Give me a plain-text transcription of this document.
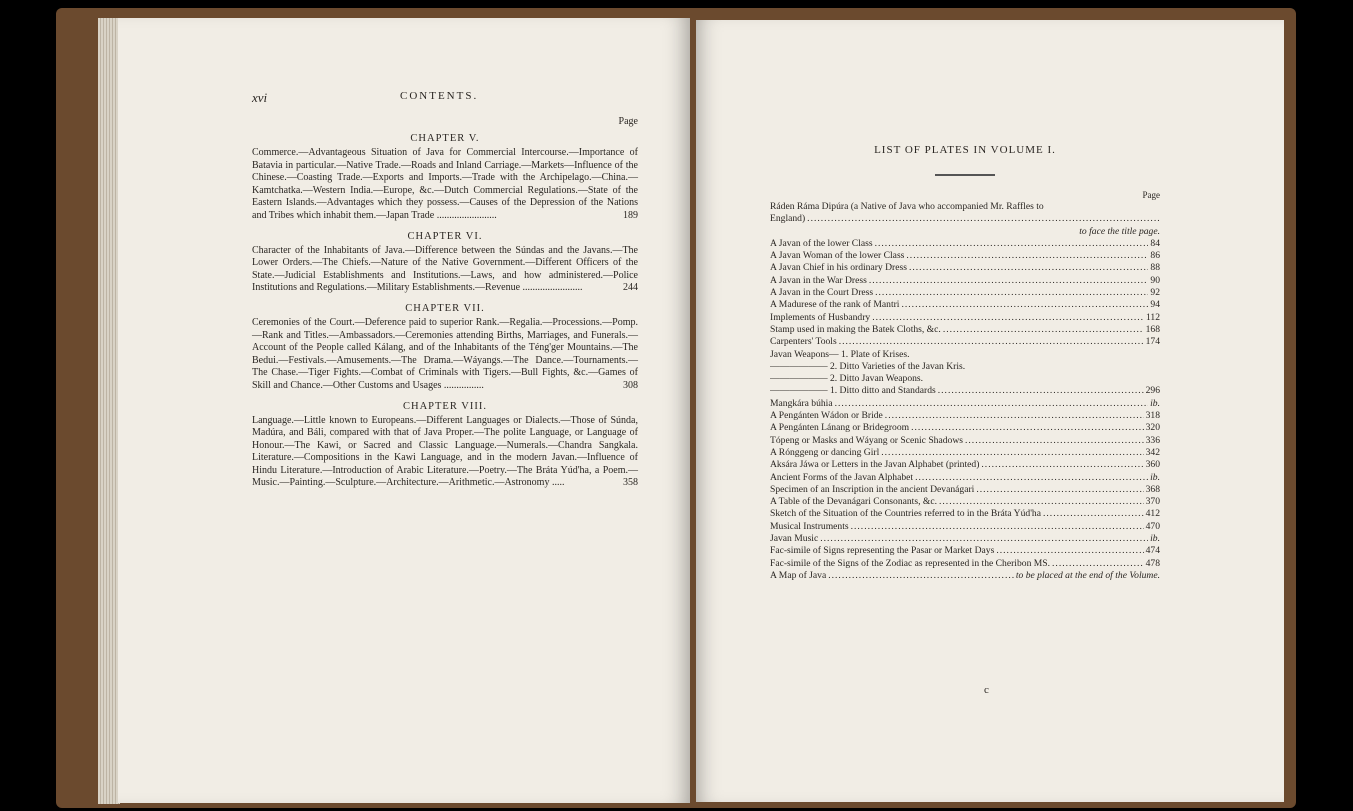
xvi	CONTENTS.
Page
CHAPTER V.

Commerce.—Advantageous Situation of Java for Commercial Intercourse.—Importance of Batavia in particular.—Native Trade.—Roads and Inland Carriage.—Markets—Influence of the Chinese.—Coasting Trade.—Exports and Imports.—Trade with the Archipelago.—China.—Kamtchatka.—Western India.—Europe, &c.—Dutch Commercial Regulations.—State of the Eastern Islands.—Advantages which they possess.—Causes of the Depression of the Nations and Tribes which inhabit them.—Japan Trade ........................	189

CHAPTER VI.

Character of the Inhabitants of Java.—Difference between the Súndas and the Javans.—The Lower Orders.—The Chiefs.—Nature of the Native Government.—Different Officers of the State.—Judicial Establishments and Institutions.—Laws, and how administered.—Police Institutions and Regulations.—Military Establishments.—Revenue ........................	244

CHAPTER VII.

Ceremonies of the Court.—Deference paid to superior Rank.—Regalia.—Processions.—Pomp.—Rank and Titles.—Ambassadors.—Ceremonies attending Births, Marriages, and Funerals.—Account of the People called Kálang, and of the Inhabitants of the Téng'ger Mountains.—The Bedui.—Festivals.—Amusements.—The Drama.—Wáyangs.—The Dance.—Tournaments.—The Chase.—Tiger Fights.—Combat of Criminals with Tigers.—Bull Fights, &c.—Games of Skill and Chance.—Other Customs and Usages ................	308

CHAPTER VIII.

Language.—Little known to Europeans.—Different Languages or Dialects.—Those of Súnda, Madúra, and Báli, compared with that of Java Proper.—The polite Language, or Language of Honour.—The Kawi, or Sacred and Classic Language.—Numerals.—Chandra Sangkala. Literature.—Compositions in the Kawi Language, and in the modern Javan.—Influence of Hindu Literature.—Introduction of Arabic Literature.—Poetry.—The Bráta Yúd'ha, a Poem.—Music.—Painting.—Sculpture.—Architecture.—Arithmetic.—Astronomy .....	358

LIST OF PLATES IN VOLUME I.
Page
Ráden Ráma Dipúra (a Native of Java who accompanied Mr. Raffles to England) .....
to face the title page.
A Javan of the lower Class .....	84
A Javan Woman of the lower Class .....	86
A Javan Chief in his ordinary Dress .....	88
A Javan in the War Dress .....	90
A Javan in the Court Dress .....	92
A Madurese of the rank of Mantri .....	94
Implements of Husbandry .....	112
Stamp used in making the Batek Cloths, &c. .....	168
Carpenters' Tools .....	174
Javan Weapons— 1. Plate of Krises.
—————— 2. Ditto Varieties of the Javan Kris.
—————— 2. Ditto Javan Weapons.
—————— 1. Ditto ditto and Standards .....	296
Mangkára búhia .....	ib.
A Pengánten Wádon or Bride .....	318
A Pengánten Lánang or Bridegroom .....	320
Tópeng or Masks and Wáyang or Scenic Shadows .....	336
A Rónggeng or dancing Girl .....	342
Aksára Jáwa or Letters in the Javan Alphabet (printed) .....	360
Ancient Forms of the Javan Alphabet .....	ib.
Specimen of an Inscription in the ancient Devanágari .....	368
A Table of the Devanágari Consonants, &c. .....	370
Sketch of the Situation of the Countries referred to in the Bráta Yúd'ha .....	412
Musical Instruments .....	470
Javan Music .....	ib.
Fac-simile of Signs representing the Pasar or Market Days .....	474
Fac-simile of the Signs of the Zodiac as represented in the Cheribon MS. .....	478
A Map of Java .....	to be placed at the end of the Volume.
c
